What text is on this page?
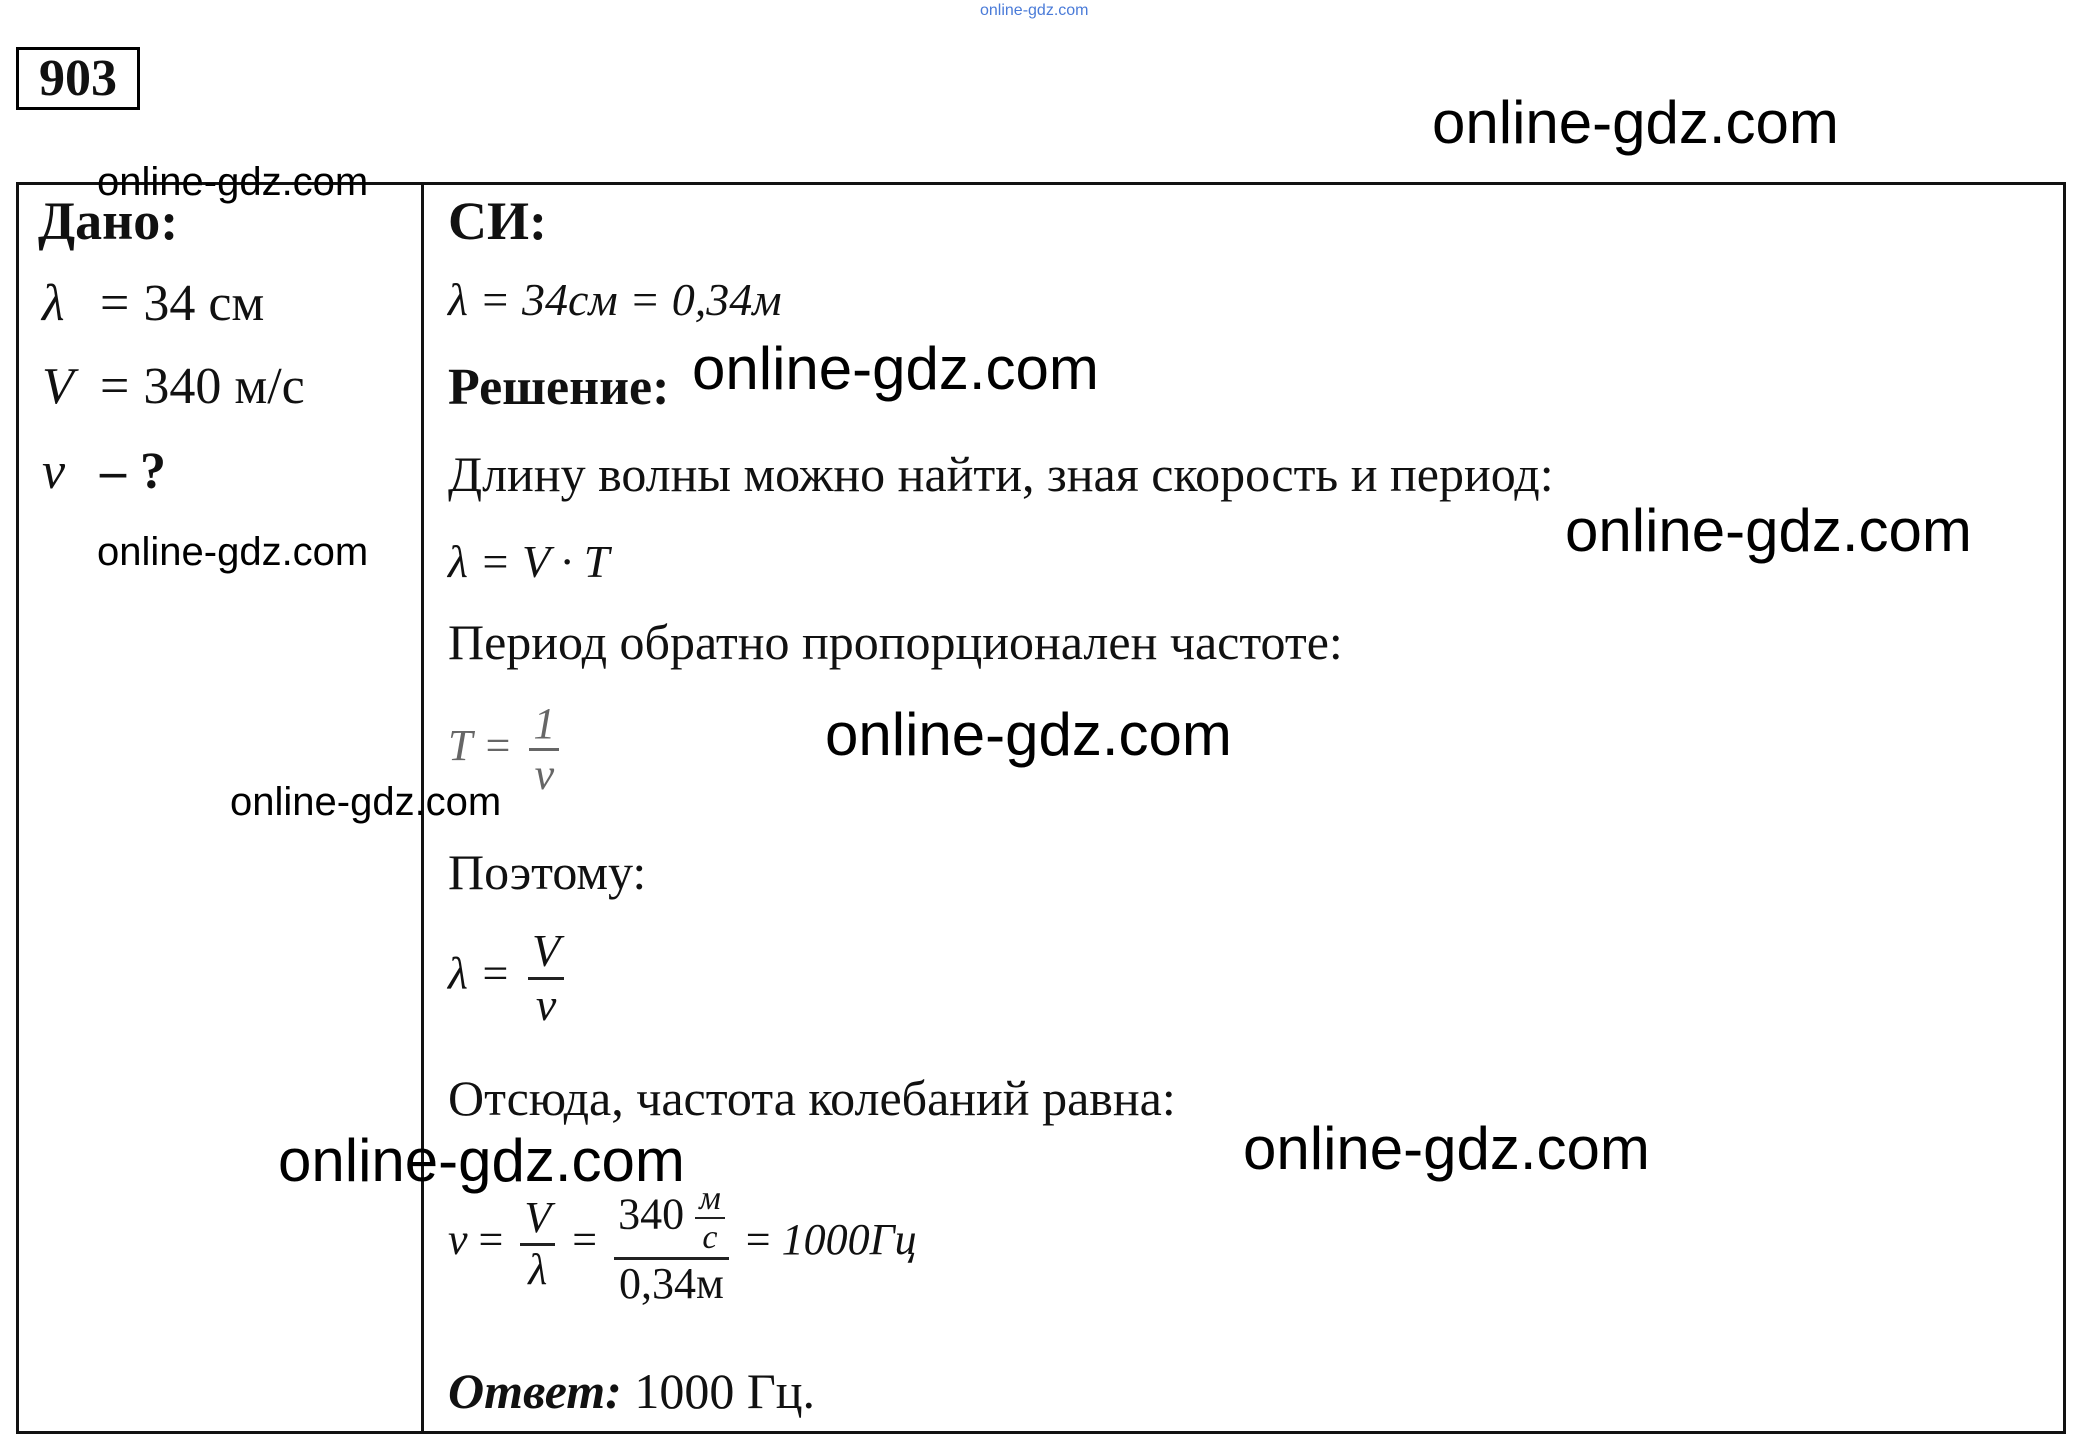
online-gdz.com
903
Дано:
λ = 34 см
V = 340 м/с
ν – ?
СИ:
λ = 34см = 0,34м
Решение:
Длину волны можно найти, зная скорость и период:
λ = V · T
Период обратно пропорционален частоте:
$T = \frac{1}{\nu}$
Поэтому:
$\lambda = \frac{V}{\nu}$
Отсюда, частота колебаний равна:
$\nu = \frac{V}{\lambda} = \frac{340 \frac{м}{с}}{0,34м} = 1000Гц$
Ответ: 1000 Гц.
online-gdz.com
online-gdz.com
online-gdz.com
online-gdz.com	online-gdz.com
online-gdz.com
online-gdz.com
online-gdz.com	online-gdz.com
